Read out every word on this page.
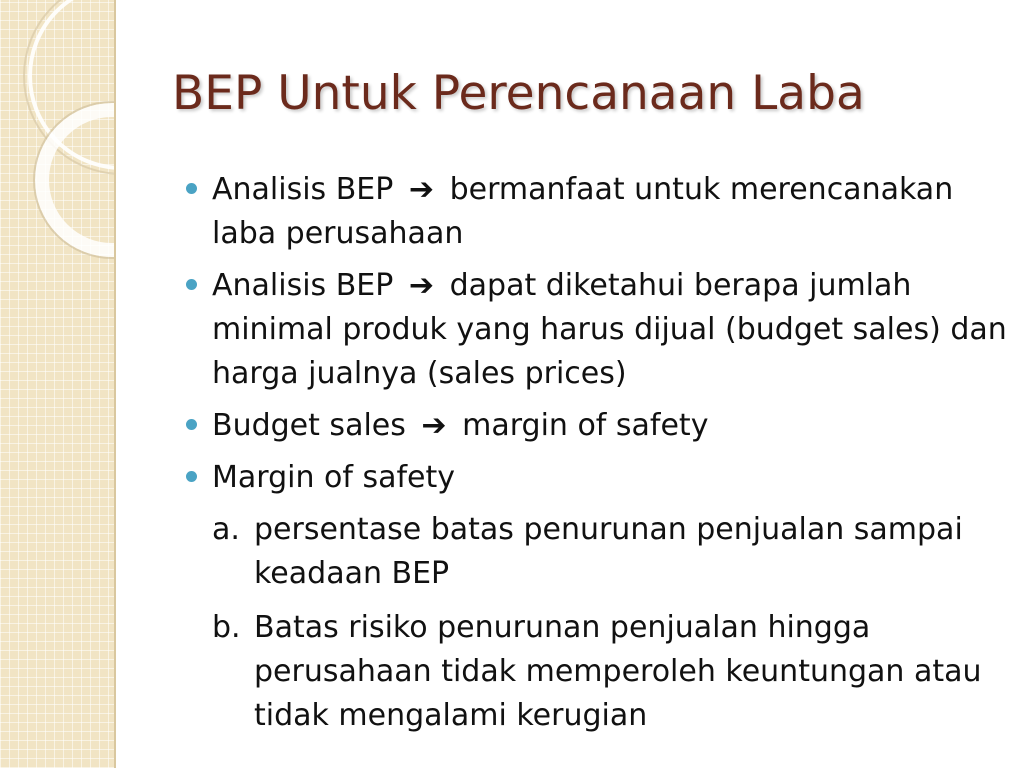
BEP Untuk Perencanaan Laba
Analisis BEP ➔ bermanfaat untuk merencanakan laba perusahaan
Analisis BEP ➔ dapat diketahui berapa jumlah minimal produk yang harus dijual (budget sales) dan harga jualnya (sales prices)
Budget sales ➔ margin of safety
Margin of safety
a. persentase batas penurunan penjualan sampai keadaan BEP
b. Batas risiko penurunan penjualan hingga perusahaan tidak memperoleh keuntungan atau tidak mengalami kerugian
